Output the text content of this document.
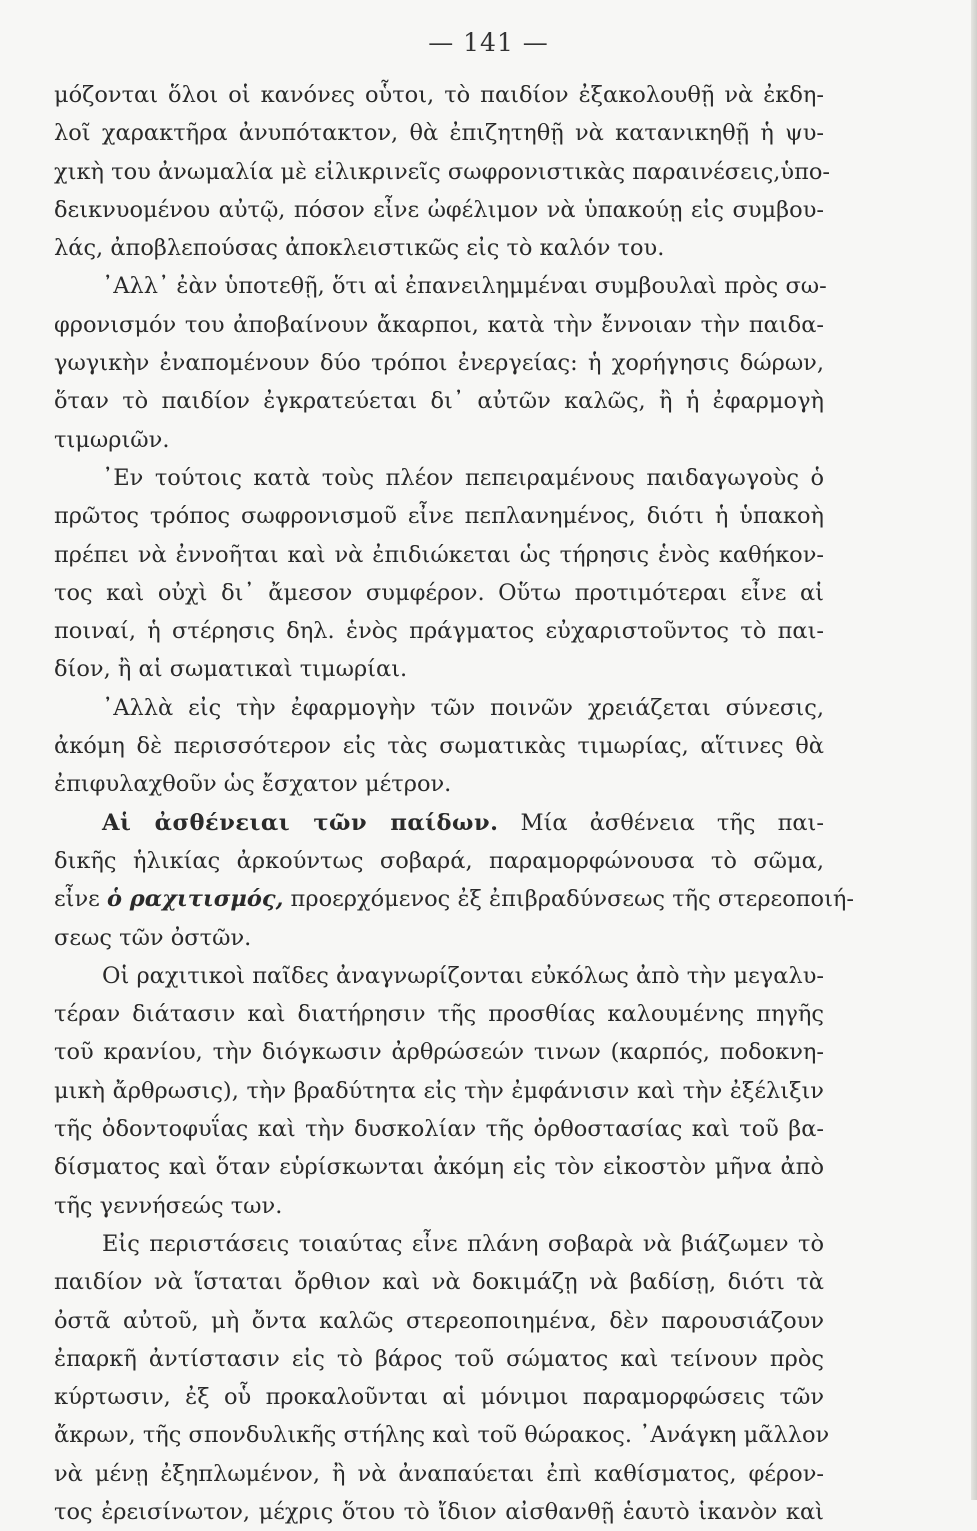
— 141 —

μόζονται ὅλοι οἱ κανόνες οὗτοι, τὸ παιδίον ἐξακολουθῇ νὰ ἐκδη-
λοῖ χαρακτῆρα ἀνυπότακτον, θὰ ἐπιζητηθῇ νὰ κατανικηθῇ ἡ ψυ-
χικὴ του ἀνωμαλία μὲ εἰλικρινεῖς σωφρονιστικὰς παραινέσεις,ὑπο-
δεικνυομένου αὐτῷ, πόσον εἶνε ὠφέλιμον νὰ ὑπακούῃ εἰς συμβου-
λάς, ἀποβλεπούσας ἀποκλειστικῶς εἰς τὸ καλόν του.

᾿Αλλ᾿ ἐὰν ὑποτεθῇ, ὅτι αἱ ἐπανειλημμέναι συμβουλαὶ πρὸς σω-
φρονισμόν του ἀποβαίνουν ἄκαρποι, κατὰ τὴν ἔννοιαν τὴν παιδα-
γωγικὴν ἐναπομένουν δύο τρόποι ἐνεργείας: ἡ χορήγησις δώρων,
ὅταν τὸ παιδίον ἐγκρατεύεται δι᾿ αὐτῶν καλῶς, ἢ ἡ ἐφαρμογὴ
τιμωριῶν.

᾿Εν τούτοις κατὰ τοὺς πλέον πεπειραμένους παιδαγωγοὺς ὁ
πρῶτος τρόπος σωφρονισμοῦ εἶνε πεπλανημένος, διότι ἡ ὑπακοὴ
πρέπει νὰ ἐννοῆται καὶ νὰ ἐπιδιώκεται ὡς τήρησις ἑνὸς καθήκον-
τος καὶ οὐχὶ δι᾿ ἄμεσον συμφέρον. Οὕτω προτιμότεραι εἶνε αἱ
ποιναί, ἡ στέρησις δηλ. ἑνὸς πράγματος εὐχαριστοῦντος τὸ παι-
δίον, ἢ αἱ σωματικαὶ τιμωρίαι.

᾿Αλλὰ εἰς τὴν ἐφαρμογὴν τῶν ποινῶν χρειάζεται σύνεσις,
ἀκόμη δὲ περισσότερον εἰς τὰς σωματικὰς τιμωρίας, αἵτινες θὰ
ἐπιφυλαχθοῦν ὡς ἔσχατον μέτρον.

Αἱ ἀσθένειαι τῶν παίδων. Μία ἀσθένεια τῆς παι-
δικῆς ἡλικίας ἀρκούντως σοβαρά, παραμορφώνουσα τὸ σῶμα,
εἶνε ὁ ραχιτισμός, προερχόμενος ἐξ ἐπιβραδύνσεως τῆς στερεοποιή-
σεως τῶν ὀστῶν.

Οἱ ραχιτικοὶ παῖδες ἀναγνωρίζονται εὐκόλως ἀπὸ τὴν μεγαλυ-
τέραν διάτασιν καὶ διατήρησιν τῆς προσθίας καλουμένης πηγῆς
τοῦ κρανίου, τὴν διόγκωσιν ἀρθρώσεών τινων (καρπός, ποδοκνη-
μικὴ ἄρθρωσις), τὴν βραδύτητα εἰς τὴν ἐμφάνισιν καὶ τὴν ἐξέλιξιν
τῆς ὀδοντοφυΐας καὶ τὴν δυσκολίαν τῆς ὀρθοστασίας καὶ τοῦ βα-
δίσματος καὶ ὅταν εὑρίσκωνται ἀκόμη εἰς τὸν εἰκοστὸν μῆνα ἀπὸ
τῆς γεννήσεώς των.

Εἰς περιστάσεις τοιαύτας εἶνε πλάνη σοβαρὰ νὰ βιάζωμεν τὸ
παιδίον νὰ ἵσταται ὄρθιον καὶ νὰ δοκιμάζῃ νὰ βαδίσῃ, διότι τὰ
ὀστᾶ αὐτοῦ, μὴ ὄντα καλῶς στερεοποιημένα, δὲν παρουσιάζουν
ἐπαρκῆ ἀντίστασιν εἰς τὸ βάρος τοῦ σώματος καὶ τείνουν πρὸς
κύρτωσιν, ἐξ οὗ προκαλοῦνται αἱ μόνιμοι παραμορφώσεις τῶν
ἄκρων, τῆς σπονδυλικῆς στήλης καὶ τοῦ θώρακος. ᾿Ανάγκη μᾶλλον
νὰ μένῃ ἐξηπλωμένον, ἢ νὰ ἀναπαύεται ἐπὶ καθίσματος, φέρον-
τος ἐρεισίνωτον, μέχρις ὅτου τὸ ἴδιον αἰσθανθῇ ἑαυτὸ ἱκανὸν καὶ
